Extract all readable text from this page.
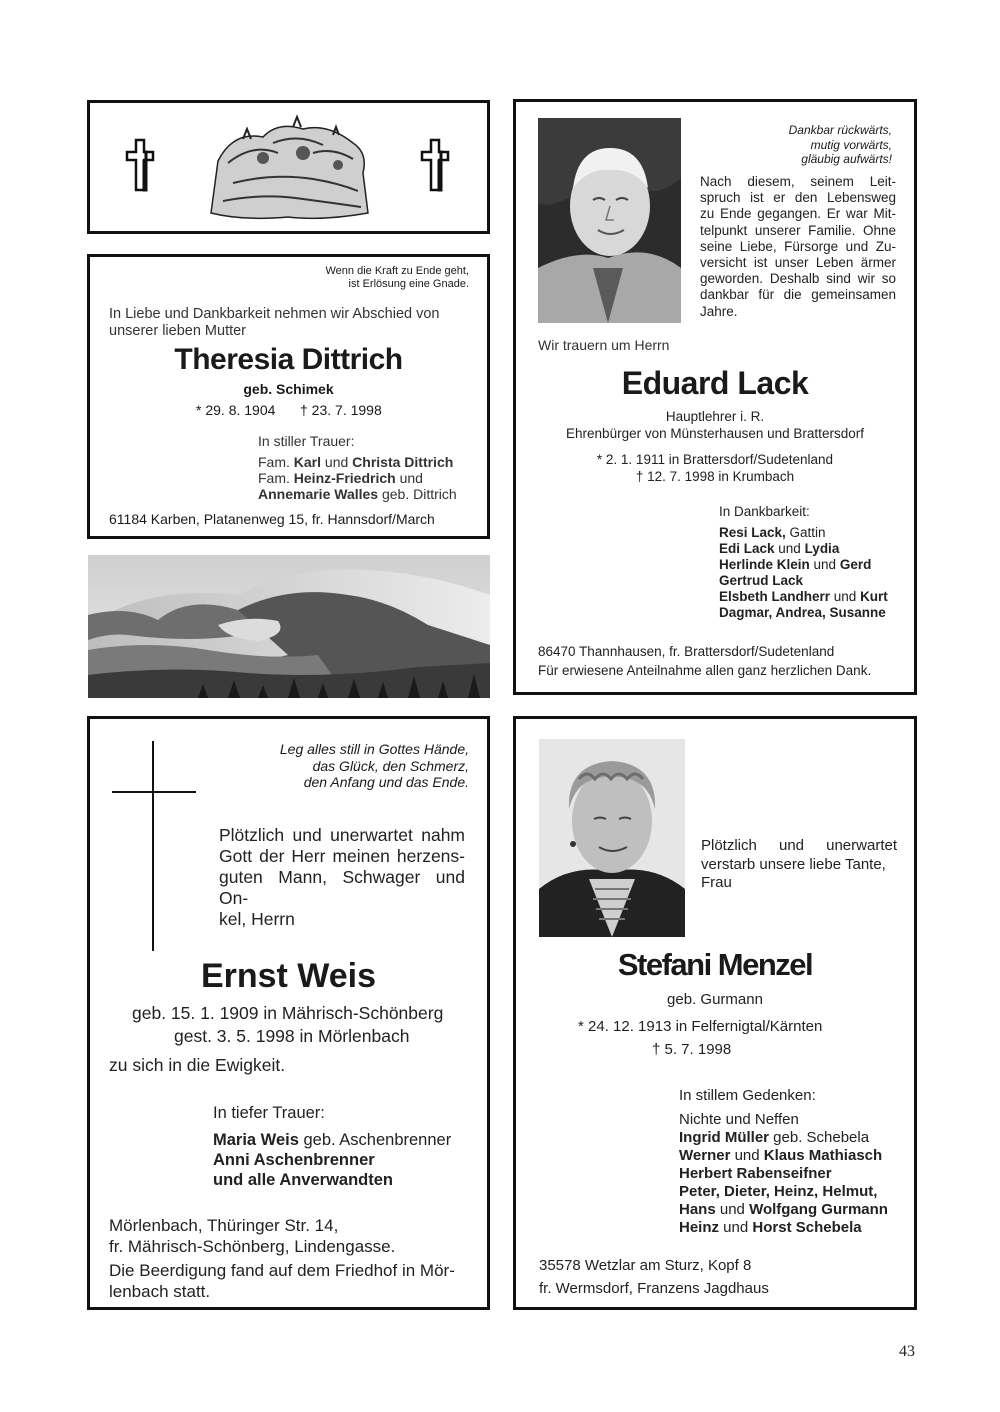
Wenn die Kraft zu Ende geht,
ist Erlösung eine Gnade.
In Liebe und Dankbarkeit nehmen wir Abschied von
unserer lieben Mutter
Theresia Dittrich
geb. Schimek
* 29. 8. 1904 † 23. 7. 1998
In stiller Trauer:
Fam. Karl und Christa Dittrich
Fam. Heinz-Friedrich und
Annemarie Walles geb. Dittrich
61184 Karben, Platanenweg 15, fr. Hannsdorf/March
Dankbar rückwärts,
mutig vorwärts,
gläubig aufwärts!
Nach diesem, seinem Leit-
spruch ist er den Lebensweg
zu Ende gegangen. Er war Mit-
telpunkt unserer Familie. Ohne
seine Liebe, Fürsorge und Zu-
versicht ist unser Leben ärmer
geworden. Deshalb sind wir so
dankbar für die gemeinsamen
Jahre.
Wir trauern um Herrn
Eduard Lack
Hauptlehrer i. R.
Ehrenbürger von Münsterhausen und Brattersdorf
* 2. 1. 1911 in Brattersdorf/Sudetenland
† 12. 7. 1998 in Krumbach
In Dankbarkeit:
Resi Lack, Gattin
Edi Lack und Lydia
Herlinde Klein und Gerd
Gertrud Lack
Elsbeth Landherr und Kurt
Dagmar, Andrea, Susanne
86470 Thannhausen, fr. Brattersdorf/Sudetenland
Für erwiesene Anteilnahme allen ganz herzlichen Dank.
Leg alles still in Gottes Hände,
das Glück, den Schmerz,
den Anfang und das Ende.
Plötzlich und unerwartet nahm
Gott der Herr meinen herzens-
guten Mann, Schwager und On-
kel, Herrn
Ernst Weis
geb. 15. 1. 1909 in Mährisch-Schönberg
gest. 3. 5. 1998 in Mörlenbach
zu sich in die Ewigkeit.
In tiefer Trauer:
Maria Weis geb. Aschenbrenner
Anni Aschenbrenner
und alle Anverwandten
Mörlenbach, Thüringer Str. 14,
fr. Mährisch-Schönberg, Lindengasse.
Die Beerdigung fand auf dem Friedhof in Mör-
lenbach statt.
Plötzlich und unerwartet
verstarb unsere liebe Tante,
Frau
Stefani Menzel
geb. Gurmann
* 24. 12. 1913 in Felfernigtal/Kärnten
† 5. 7. 1998
In stillem Gedenken:
Nichte und Neffen
Ingrid Müller geb. Schebela
Werner und Klaus Mathiasch
Herbert Rabenseifner
Peter, Dieter, Heinz, Helmut,
Hans und Wolfgang Gurmann
Heinz und Horst Schebela
35578 Wetzlar am Sturz, Kopf 8
fr. Wermsdorf, Franzens Jagdhaus
43
